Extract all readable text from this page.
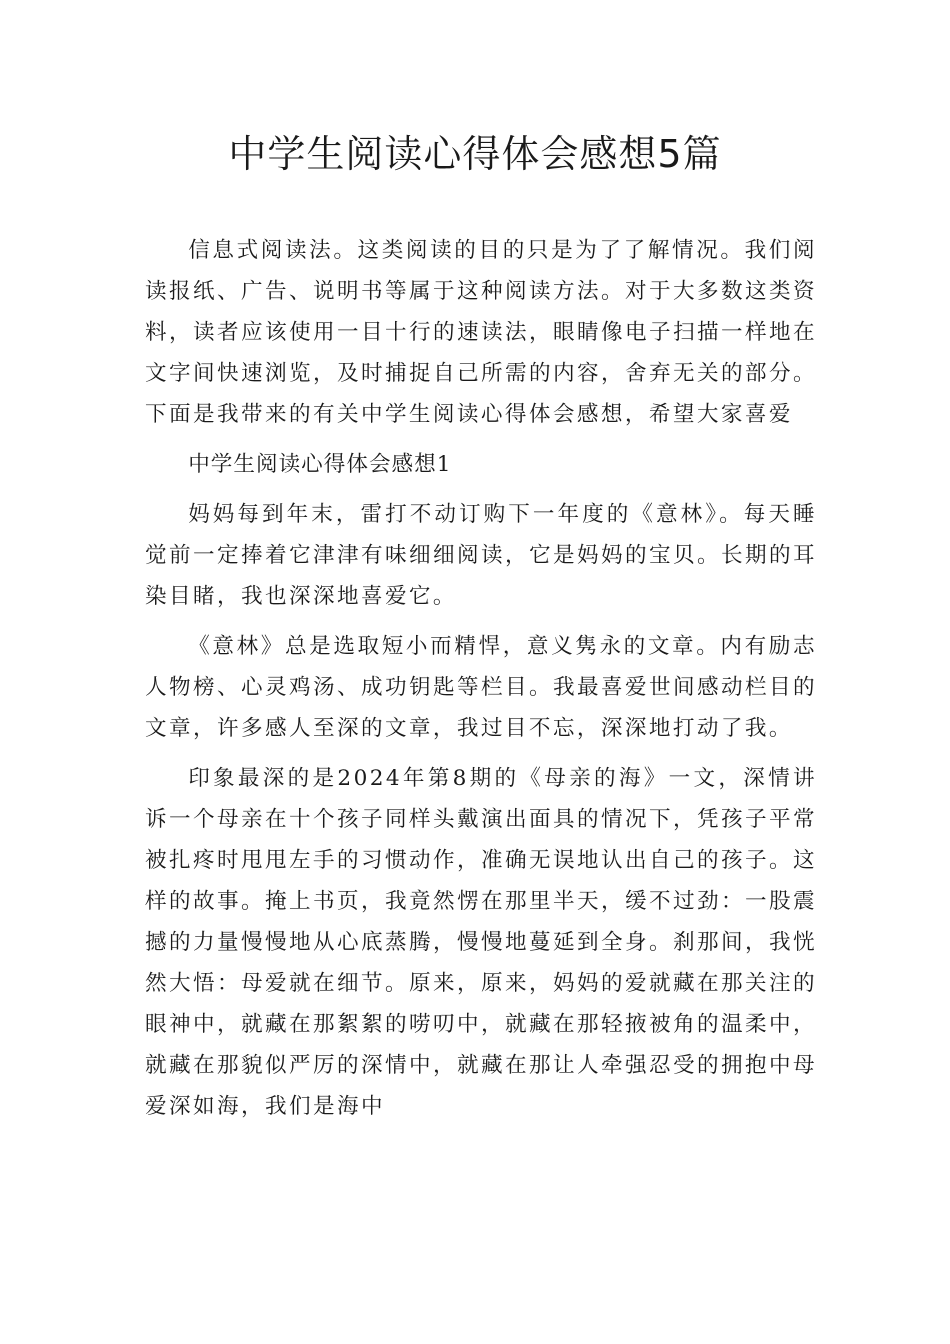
中学生阅读心得体会感想5篇

信息式阅读法。这类阅读的目的只是为了了解情况。我们阅读报纸、广告、说明书等属于这种阅读方法。对于大多数这类资料，读者应该使用一目十行的速读法，眼睛像电子扫描一样地在文字间快速浏览，及时捕捉自己所需的内容，舍弃无关的部分。下面是我带来的有关中学生阅读心得体会感想，希望大家喜爱

中学生阅读心得体会感想1

妈妈每到年末，雷打不动订购下一年度的《意林》。每天睡觉前一定捧着它津津有味细细阅读，它是妈妈的宝贝。长期的耳染目睹，我也深深地喜爱它。

《意林》总是选取短小而精悍，意义隽永的文章。内有励志人物榜、心灵鸡汤、成功钥匙等栏目。我最喜爱世间感动栏目的文章，许多感人至深的文章，我过目不忘，深深地打动了我。

印象最深的是2024年第8期的《母亲的海》一文，深情讲诉一个母亲在十个孩子同样头戴演出面具的情况下，凭孩子平常被扎疼时甩甩左手的习惯动作，准确无误地认出自己的孩子。这样的故事。掩上书页，我竟然愣在那里半天，缓不过劲：一股震撼的力量慢慢地从心底蒸腾，慢慢地蔓延到全身。刹那间，我恍然大悟：母爱就在细节。原来，原来，妈妈的爱就藏在那关注的眼神中，就藏在那絮絮的唠叨中，就藏在那轻掖被角的温柔中，就藏在那貌似严厉的深情中，就藏在那让人牵强忍受的拥抱中母爱深如海，我们是海中
